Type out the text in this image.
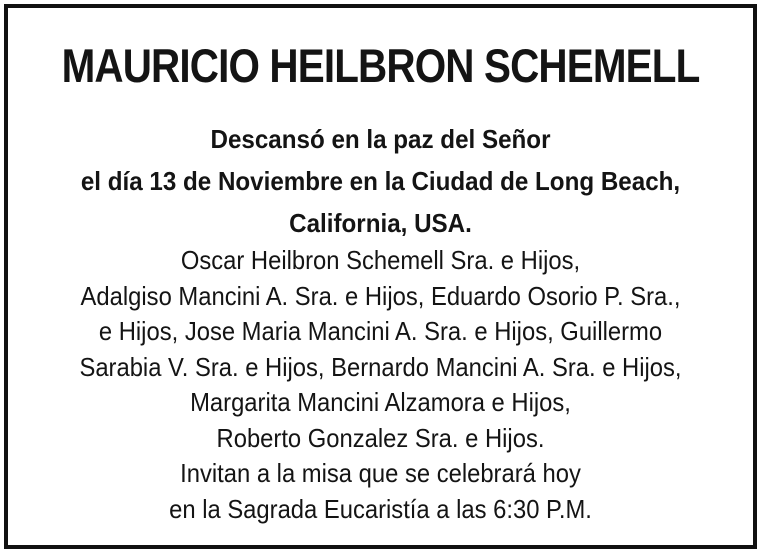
MAURICIO HEILBRON SCHEMELL
Descansó en la paz del Señor
el día 13 de Noviembre en la Ciudad de Long Beach,
California, USA.
Oscar Heilbron Schemell Sra. e Hijos,
Adalgiso Mancini A. Sra. e Hijos, Eduardo Osorio P. Sra.,
e Hijos, Jose Maria Mancini A. Sra. e Hijos, Guillermo
Sarabia V. Sra. e Hijos, Bernardo Mancini A. Sra. e Hijos,
Margarita Mancini Alzamora e Hijos,
Roberto Gonzalez Sra. e Hijos.
Invitan a la misa que se celebrará hoy
en la Sagrada Eucaristía a las 6:30 P.M.
